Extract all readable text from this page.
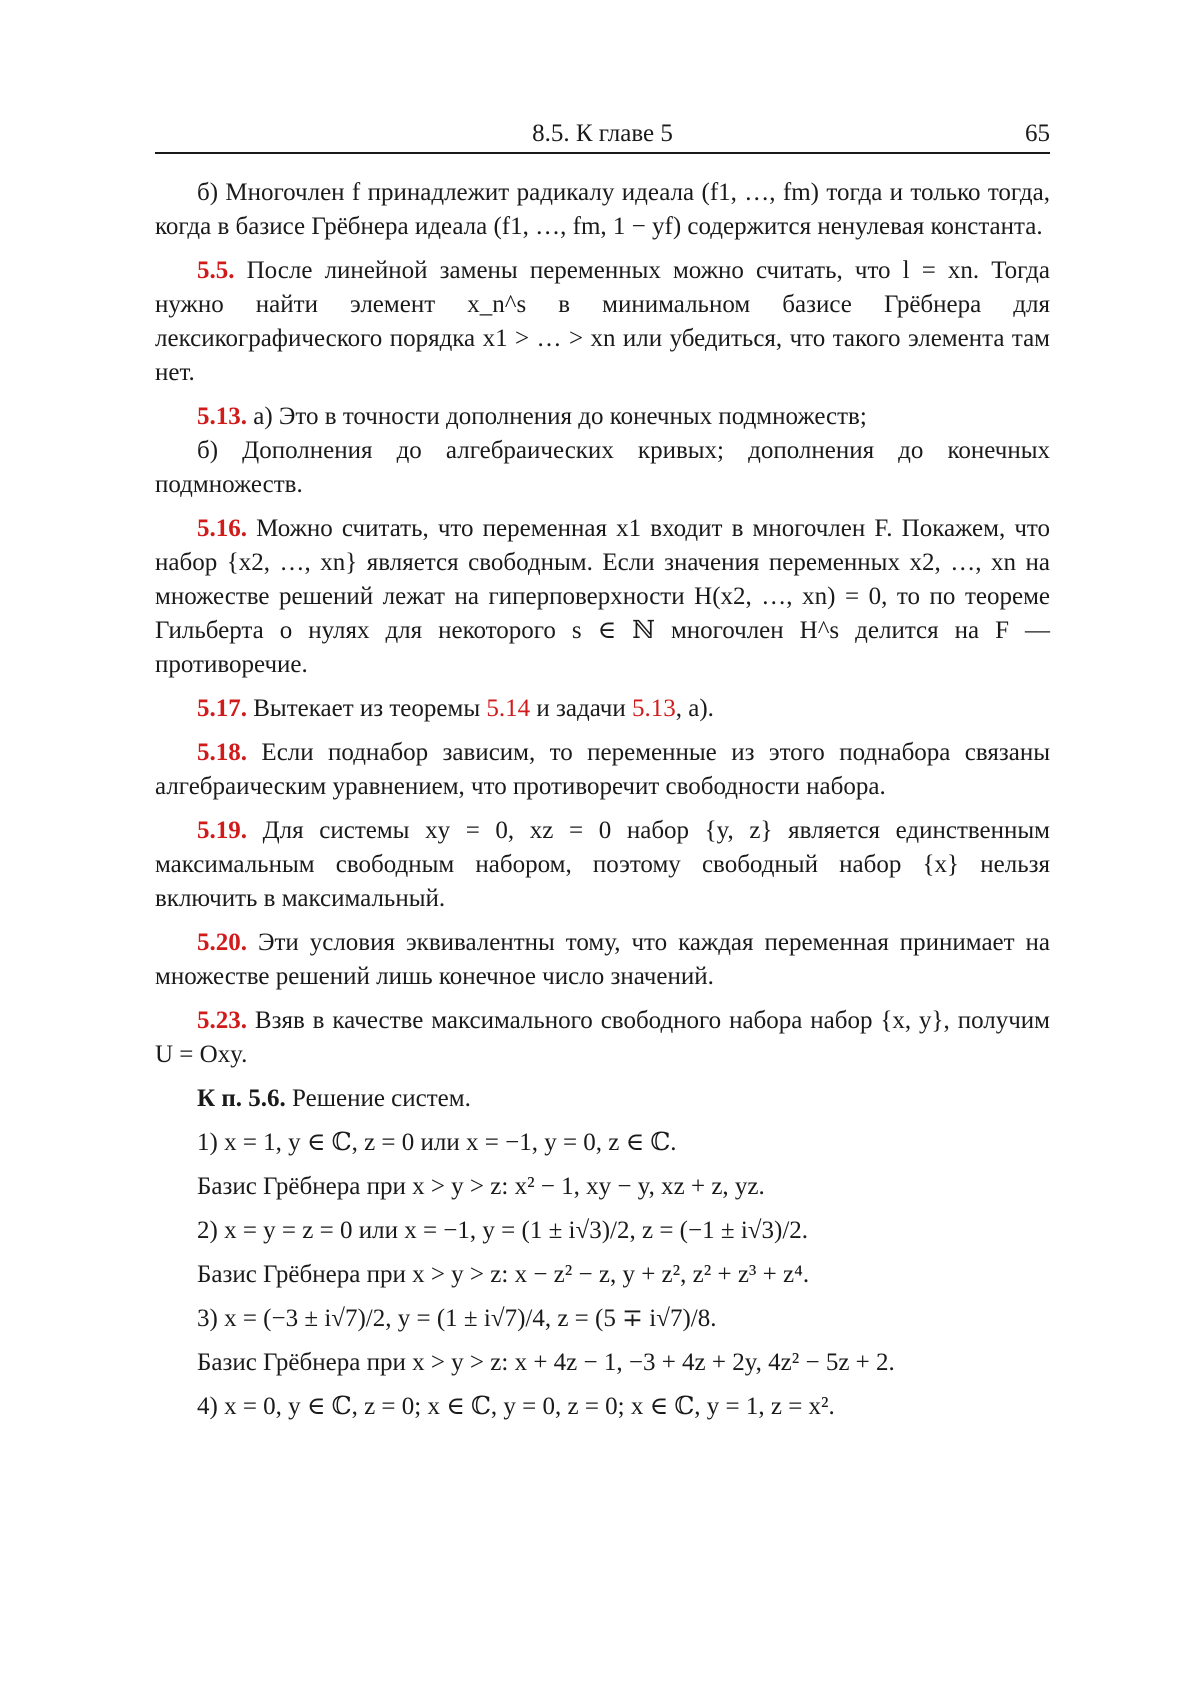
8.5. К главе 5	65

б) Многочлен f принадлежит радикалу идеала (f1, …, fm) тогда и только тогда, когда в базисе Грёбнера идеала (f1, …, fm, 1 − yf) содержится ненулевая константа.

5.5. После линейной замены переменных можно считать, что l = xn. Тогда нужно найти элемент x_n^s в минимальном базисе Грёбнера для лексикографического порядка x1 > … > xn или убедиться, что такого элемента там нет.

5.13. а) Это в точности дополнения до конечных подмножеств;

б) Дополнения до алгебраических кривых; дополнения до конечных подмножеств.

5.16. Можно считать, что переменная x1 входит в многочлен F. Покажем, что набор {x2, …, xn} является свободным. Если значения переменных x2, …, xn на множестве решений лежат на гиперповерхности H(x2, …, xn) = 0, то по теореме Гильберта о нулях для некоторого s ∈ ℕ многочлен H^s делится на F — противоречие.

5.17. Вытекает из теоремы 5.14 и задачи 5.13, а).

5.18. Если поднабор зависим, то переменные из этого поднабора связаны алгебраическим уравнением, что противоречит свободности набора.

5.19. Для системы xy = 0, xz = 0 набор {y, z} является единственным максимальным свободным набором, поэтому свободный набор {x} нельзя включить в максимальный.

5.20. Эти условия эквивалентны тому, что каждая переменная принимает на множестве решений лишь конечное число значений.

5.23. Взяв в качестве максимального свободного набора набор {x, y}, получим U = Oxy.

К п. 5.6. Решение систем.

1) x = 1, y ∈ ℂ, z = 0 или x = −1, y = 0, z ∈ ℂ.
Базис Грёбнера при x > y > z: x² − 1, xy − y, xz + z, yz.
2) x = y = z = 0 или x = −1, y = (1 ± i√3)/2, z = (−1 ± i√3)/2.
Базис Грёбнера при x > y > z: x − z² − z, y + z², z² + z³ + z⁴.
3) x = (−3 ± i√7)/2, y = (1 ± i√7)/4, z = (5 ∓ i√7)/8.
Базис Грёбнера при x > y > z: x + 4z − 1, −3 + 4z + 2y, 4z² − 5z + 2.
4) x = 0, y ∈ ℂ, z = 0; x ∈ ℂ, y = 0, z = 0; x ∈ ℂ, y = 1, z = x².
